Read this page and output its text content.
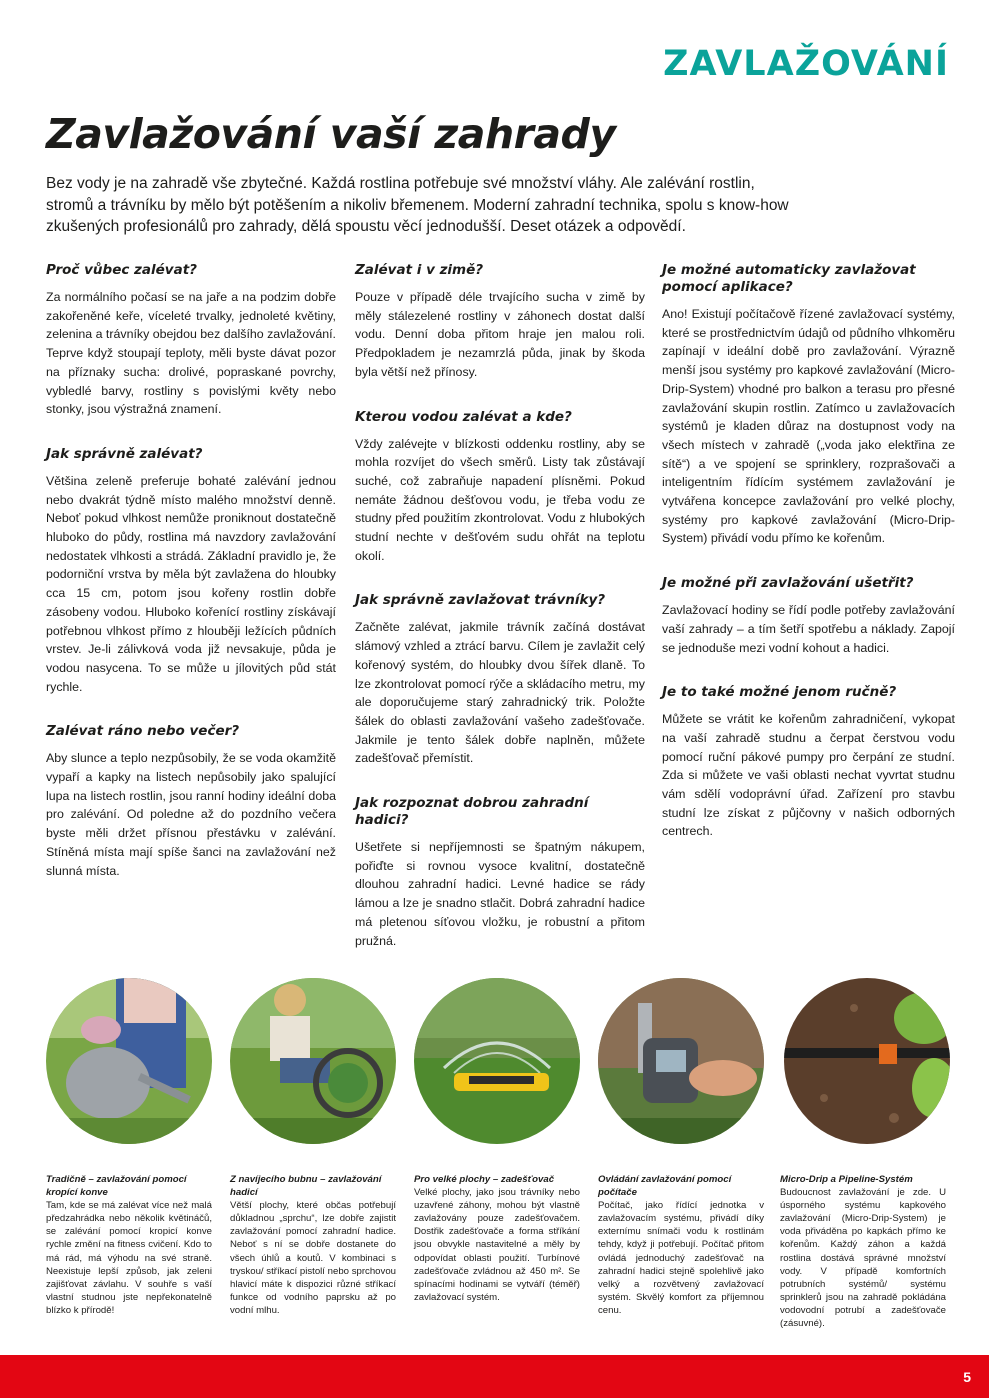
ZAVLAŽOVÁNÍ
Zavlažování vaší zahrady

Bez vody je na zahradě vše zbytečné. Každá rostlina potřebuje své množství vláhy. Ale zalévání rostlin, stromů a trávníku by mělo být potěšením a nikoliv břemenem. Moderní zahradní technika, spolu s know-how zkušených profesionálů pro zahrady, dělá spoustu věcí jednodušší. Deset otázek a odpovědí.

Proč vůbec zalévat?

Za normálního počasí se na jaře a na podzim dobře zakořeněné keře, víceleté trvalky, jednoleté květiny, zelenina a trávníky obejdou bez dalšího zavlažování. Teprve když stoupají teploty, měli byste dávat pozor na příznaky sucha: drolivé, popraskané povrchy, vybledlé barvy, rostliny s povislými květy nebo stonky, jsou výstražná znamení.

Jak správně zalévat?

Většina zeleně preferuje bohaté zalévání jednou nebo dvakrát týdně místo malého množství denně. Neboť pokud vlhkost nemůže proniknout dostatečně hluboko do půdy, rostlina má navzdory zavlažování nedostatek vlhkosti a strádá. Základní pravidlo je, že podorniční vrstva by měla být zavlažena do hloubky cca 15 cm, potom jsou kořeny rostlin dobře zásobeny vodou. Hluboko kořenící rostliny získávají potřebnou vlhkost přímo z hlouběji ležících půdních vrstev. Je-li zálivková voda již nevsakuje, půda je vodou nasycena. To se může u jílovitých půd stát rychle.

Zalévat ráno nebo večer?

Aby slunce a teplo nezpůsobily, že se voda okamžitě vypaří a kapky na listech nepůsobily jako spalující lupa na listech rostlin, jsou ranní hodiny ideální doba pro zalévání. Od poledne až do pozdního večera byste měli držet přísnou přestávku v zalévání. Stíněná místa mají spíše šanci na zavlažování než slunná místa.

Zalévat i v zimě?

Pouze v případě déle trvajícího sucha v zimě by měly stálezelené rostliny v záhonech dostat další vodu. Denní doba přitom hraje jen malou roli. Předpokladem je nezamrzlá půda, jinak by škoda byla větší než přínosy.

Kterou vodou zalévat a kde?

Vždy zalévejte v blízkosti oddenku rostliny, aby se mohla rozvíjet do všech směrů. Listy tak zůstávají suché, což zabraňuje napadení plísněmi. Pokud nemáte žádnou dešťovou vodu, je třeba vodu ze studny před použitím zkontrolovat. Vodu z hlubokých studní nechte v dešťovém sudu ohřát na teplotu okolí.

Jak správně zavlažovat trávníky?

Začněte zalévat, jakmile trávník začíná dostávat slámový vzhled a ztrácí barvu. Cílem je zavlažit celý kořenový systém, do hloubky dvou šířek dlaně. To lze zkontrolovat pomocí rýče a skládacího metru, my ale doporučujeme starý zahradnický trik. Položte šálek do oblasti zavlažování vašeho zadešťovače. Jakmile je tento šálek dobře naplněn, můžete zadešťovač přemístit.

Jak rozpoznat dobrou zahradní hadici?

Ušetřete si nepříjemnosti se špatným nákupem, pořiďte si rovnou vysoce kvalitní, dostatečně dlouhou zahradní hadici. Levné hadice se rády lámou a lze je snadno stlačit. Dobrá zahradní hadice má pletenou síťovou vložku, je robustní a přitom pružná.

Je možné automaticky zavlažovat pomocí aplikace?

Ano! Existují počítačově řízené zavlažovací systémy, které se prostřednictvím údajů od půdního vlhkoměru zapínají v ideální době pro zavlažování. Výrazně menší jsou systémy pro kapkové zavlažování (Micro-Drip-System) vhodné pro balkon a terasu pro přesné zavlažování skupin rostlin. Zatímco u zavlažovacích systémů je kladen důraz na dostupnost vody na všech místech v zahradě („voda jako elektřina ze sítě“) a ve spojení se sprinklery, rozprašovači a inteligentním řídícím systémem zavlažování je vytvářena koncepce zavlažování pro velké plochy, systémy pro kapkové zavlažování (Micro-Drip-System) přivádí vodu přímo ke kořenům.

Je možné při zavlažování ušetřit?

Zavlažovací hodiny se řídí podle potřeby zavlažování vaší zahrady – a tím šetří spotřebu a náklady. Zapojí se jednoduše mezi vodní kohout a hadici.

Je to také možné jenom ručně?

Můžete se vrátit ke kořenům zahradničení, vykopat na vaší zahradě studnu a čerpat čerstvou vodu pomocí ruční pákové pumpy pro čerpání ze studní. Zda si můžete ve vaši oblasti nechat vyvrtat studnu vám sdělí vodoprávní úřad. Zařízení pro stavbu studní lze získat z půjčovny v našich odborných centrech.

Tradičně – zavlažování pomocí kropící konve

Tam, kde se má zalévat více než malá předzahrádka nebo několik květináčů, se zalévání pomocí kropicí konve rychle změní na fitness cvičení. Kdo to má rád, má výhodu na své straně. Neexistuje lepší způsob, jak zeleni zajišťovat závlahu. V souhře s vaší vlastní studnou jste nepřekonatelně blízko k přírodě!

Z navíjecího bubnu – zavlažování hadicí

Větší plochy, které občas potřebují důkladnou „sprchu“, lze dobře zajistit zavlažování pomocí zahradní hadice. Neboť s ní se dobře dostanete do všech úhlů a koutů. V kombinaci s tryskou/ stříkací pistolí nebo sprchovou hlavicí máte k dispozici různé stříkací funkce od vodního paprsku až po vodní mlhu.

Pro velké plochy – zadešťovač

Velké plochy, jako jsou trávníky nebo uzavřené záhony, mohou být vlastně zavlažovány pouze zadešťovačem. Dostřik zadešťovače a forma stříkání jsou obvykle nastavitelné a měly by odpovídat oblasti použití. Turbínové zadešťovače zvládnou až 450 m². Se spínacími hodinami se vytváří (téměř) zavlažovací systém.

Ovládání zavlažování pomocí počítače

Počítač, jako řídící jednotka v zavlažovacím systému, přivádí díky externímu snímači vodu k rostlinám tehdy, když ji potřebují. Počítač přitom ovládá jednoduchý zadešťovač na zahradní hadici stejně spolehlivě jako velký a rozvětvený zavlažovací systém. Skvělý komfort za příjemnou cenu.

Micro-Drip a Pipeline-Systém

Budoucnost zavlažování je zde. U úsporného systému kapkového zavlažování (Micro-Drip-System) je voda přiváděna po kapkách přímo ke kořenům. Každý záhon a každá rostlina dostává správné množství vody. V případě komfortních potrubních systémů/ systému sprinklerů jsou na zahradě pokládána vodovodní potrubí a zadešťovače (zásuvné).

5
